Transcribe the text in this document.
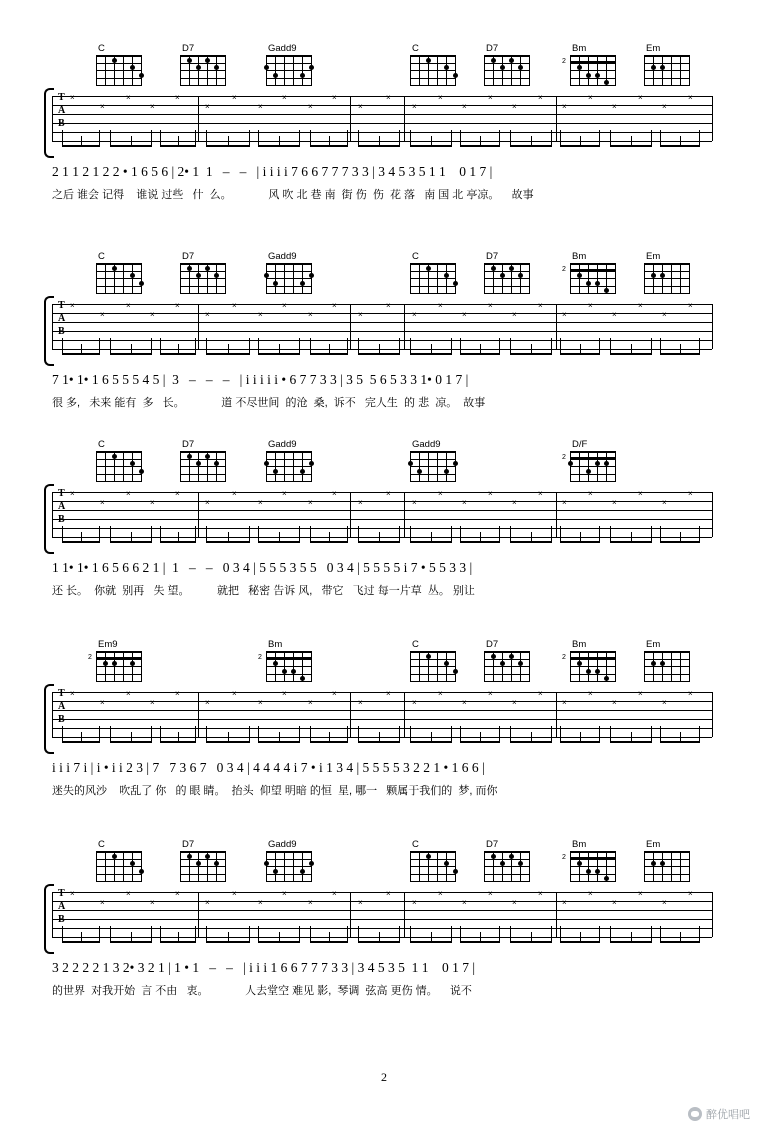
C	D7	Gadd9	C	D7	Bm
2
Em
T
A
B
×
×
×
×
×
×
×
×
×
×
×
×
×
×
×
×
×
×
×
×
×
×
×
×
×
2 1 1 2 1 2 2 • 1 6 5 6 | 2• 1  1   –   –   | i i i i 7 6 6 7 7 7 3 3 | 3 4 5 3 5 1 1    0 1 7 |
之后 谁会 记得    谁说 过些   什  么。            风 吹 北 巷 南  街 伤  伤  花 落   南 国 北 亭凉。    故事
C	D7	Gadd9	C	D7	Bm
2
Em
T
A
B
×
×
×
×
×
×
×
×
×
×
×
×
×
×
×
×
×
×
×
×
×
×
×
×
×
7 1• 1• 1 6 5 5 5 4 5 |  3   –   –   –   | i i i i i • 6 7 7 3 3 | 3 5  5 6 5 3 3 1• 0 1 7 |
很 多,   未来 能有  多   长。            道 不尽世间  的沧  桑,  诉不   完人生  的 悲  凉。  故事
C	D7	Gadd9	Gadd9	D/F
2
T
A
B
×
×
×
×
×
×
×
×
×
×
×
×
×
×
×
×
×
×
×
×
×
×
×
×
×
1 1• 1• 1 6 5 6 6 2 1 |  1   –   –   0 3 4 | 5 5 5 3 5 5   0 3 4 | 5 5 5 5 i 7 • 5 5 3 3 |
还 长。  你就  别再   失 望。         就把   秘密 告诉 风,   带它   飞过 每一片草  丛。 别让
Em9
2
Bm
2
C	D7	Bm
2
Em
T
A
B
×
×
×
×
×
×
×
×
×
×
×
×
×
×
×
×
×
×
×
×
×
×
×
×
×
i i i 7 i | i • i i 2 3 | 7   7 3 6 7   0 3 4 | 4 4 4 4 i 7 • i 1 3 4 | 5 5 5 5 3 2 2 1 • 1 6 6 |
迷失的风沙    吹乱了 你   的 眼 睛。  抬头  仰望 明暗 的恒  星, 哪一   颗属于我们的  梦, 而你
C	D7	Gadd9	C	D7	Bm
2
Em
T
A
B
×
×
×
×
×
×
×
×
×
×
×
×
×
×
×
×
×
×
×
×
×
×
×
×
×
3 2 2 2 2 1 3 2• 3 2 1 | 1 • 1   –   –   | i i i 1 6 6 7 7 7 3 3 | 3 4 5 3 5  1 1    0 1 7 |
的世界  对我开始  言 不由   衷。            人去堂空 难见 影,  琴调  弦高 更伤 情。    说不
2
醉优唱吧
